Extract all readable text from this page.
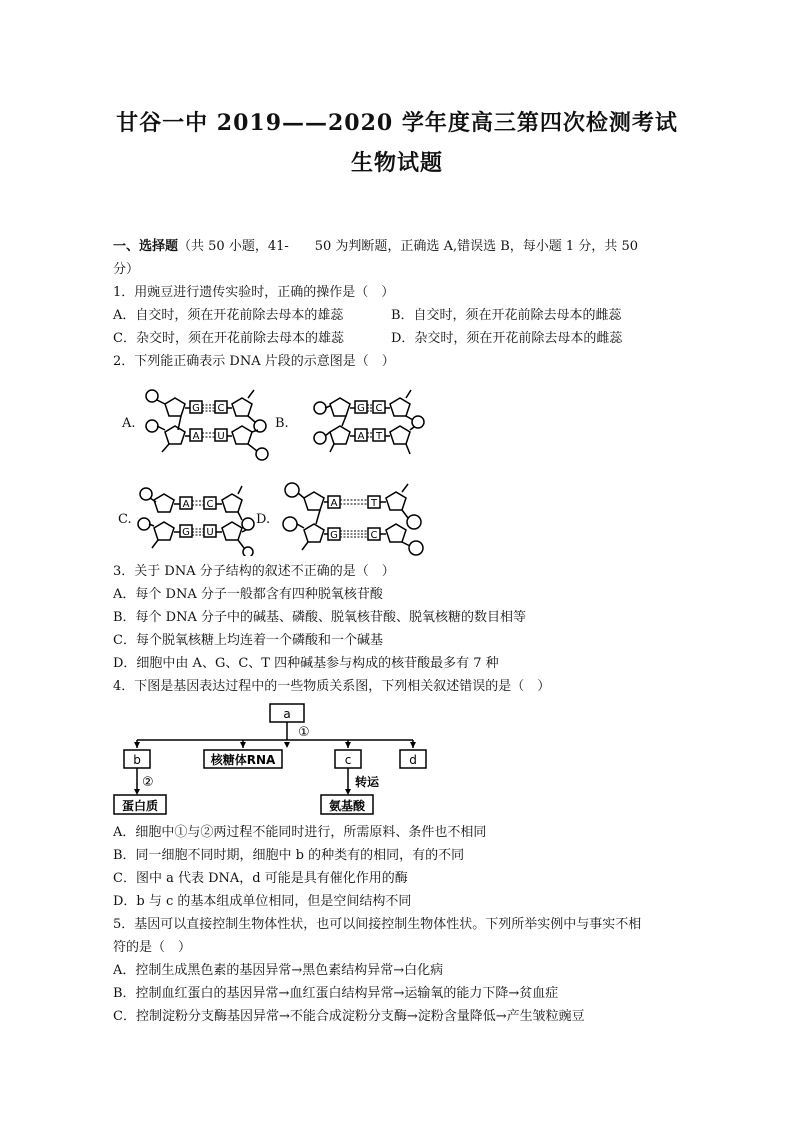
甘谷一中 2019——2020 学年度高三第四次检测考试
生物试题
一、选择题（共 50 小题，41-　　50 为判断题，正确选 A,错误选 B，每小题 1 分，共 50
分）
1．用豌豆进行遗传实验时，正确的操作是（　）
A．自交时，须在开花前除去母本的雄蕊	B．自交时，须在开花前除去母本的雌蕊
C．杂交时，须在开花前除去母本的雄蕊	D．杂交时，须在开花前除去母本的雌蕊
2．下列能正确表示 DNA 片段的示意图是（　）
A.	B.
C.	D.
G C
A U
G C
A T
A C
G U
A	T
G	C
3．关于 DNA 分子结构的叙述不正确的是（　）
A．每个 DNA 分子一般都含有四种脱氧核苷酸
B．每个 DNA 分子中的碱基、磷酸、脱氧核苷酸、脱氧核糖的数目相等
C．每个脱氧核糖上均连着一个磷酸和一个碱基
D．细胞中由 A、G、C、T 四种碱基参与构成的核苷酸最多有 7 种
4．下图是基因表达过程中的一些物质关系图，下列相关叙述错误的是（　）
a
①
b	核糖体RNA	c	d
②	转运
蛋白质	氨基酸
A．细胞中①与②两过程不能同时进行，所需原料、条件也不相同
B．同一细胞不同时期，细胞中 b 的种类有的相同，有的不同
C．图中 a 代表 DNA，d 可能是具有催化作用的酶
D．b 与 c 的基本组成单位相同，但是空间结构不同
5．基因可以直接控制生物体性状，也可以间接控制生物体性状。下列所举实例中与事实不相
符的是（　）
A．控制生成黑色素的基因异常→黑色素结构异常→白化病
B．控制血红蛋白的基因异常→血红蛋白结构异常→运输氧的能力下降→贫血症
C．控制淀粉分支酶基因异常→不能合成淀粉分支酶→淀粉含量降低→产生皱粒豌豆
